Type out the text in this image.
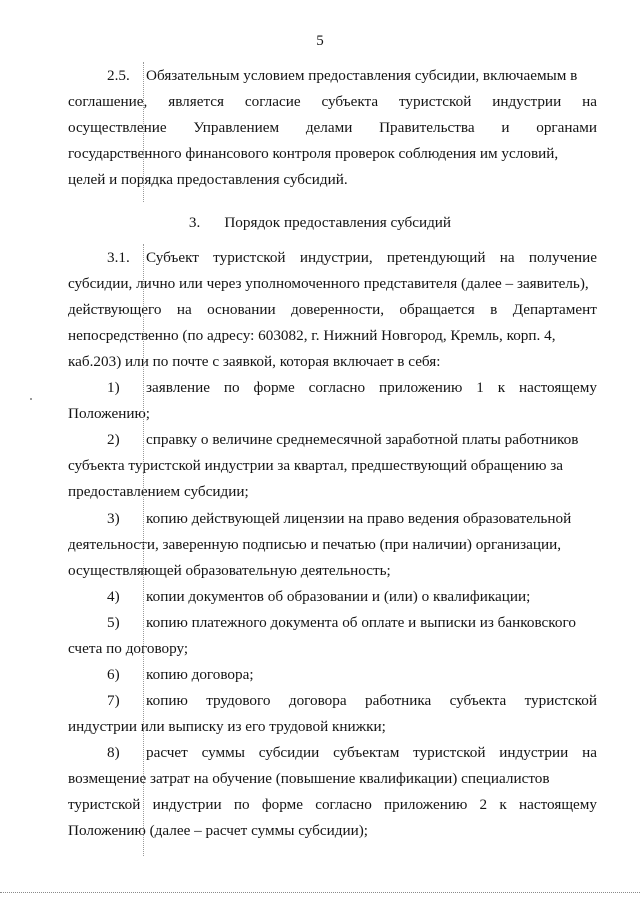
5
2.5. Обязательным условием предоставления субсидии, включаемым в
соглашение, является согласие субъекта туристской индустрии на
осуществление Управлением делами Правительства и органами
государственного финансового контроля проверок соблюдения им условий,
целей и порядка предоставления субсидий.
3. Порядок предоставления субсидий
3.1. Субъект туристской индустрии, претендующий на получение
субсидии, лично или через уполномоченного представителя (далее – заявитель),
действующего на основании доверенности, обращается в Департамент
непосредственно (по адресу: 603082, г. Нижний Новгород, Кремль, корп. 4,
каб.203) или по почте с заявкой, которая включает в себя:
1) заявление по форме согласно приложению 1 к настоящему
Положению;
2) справку о величине среднемесячной заработной платы работников
субъекта туристской индустрии за квартал, предшествующий обращению за
предоставлением субсидии;
3) копию действующей лицензии на право ведения образовательной
деятельности, заверенную подписью и печатью (при наличии) организации,
осуществляющей образовательную деятельность;
4) копии документов об образовании и (или) о квалификации;
5) копию платежного документа об оплате и выписки из банковского
счета по договору;
6) копию договора;
7) копию трудового договора работника субъекта туристской
индустрии или выписку из его трудовой книжки;
8) расчет суммы субсидии субъектам туристской индустрии на
возмещение затрат на обучение (повышение квалификации) специалистов
туристской индустрии по форме согласно приложению 2 к настоящему
Положению (далее – расчет суммы субсидии);
